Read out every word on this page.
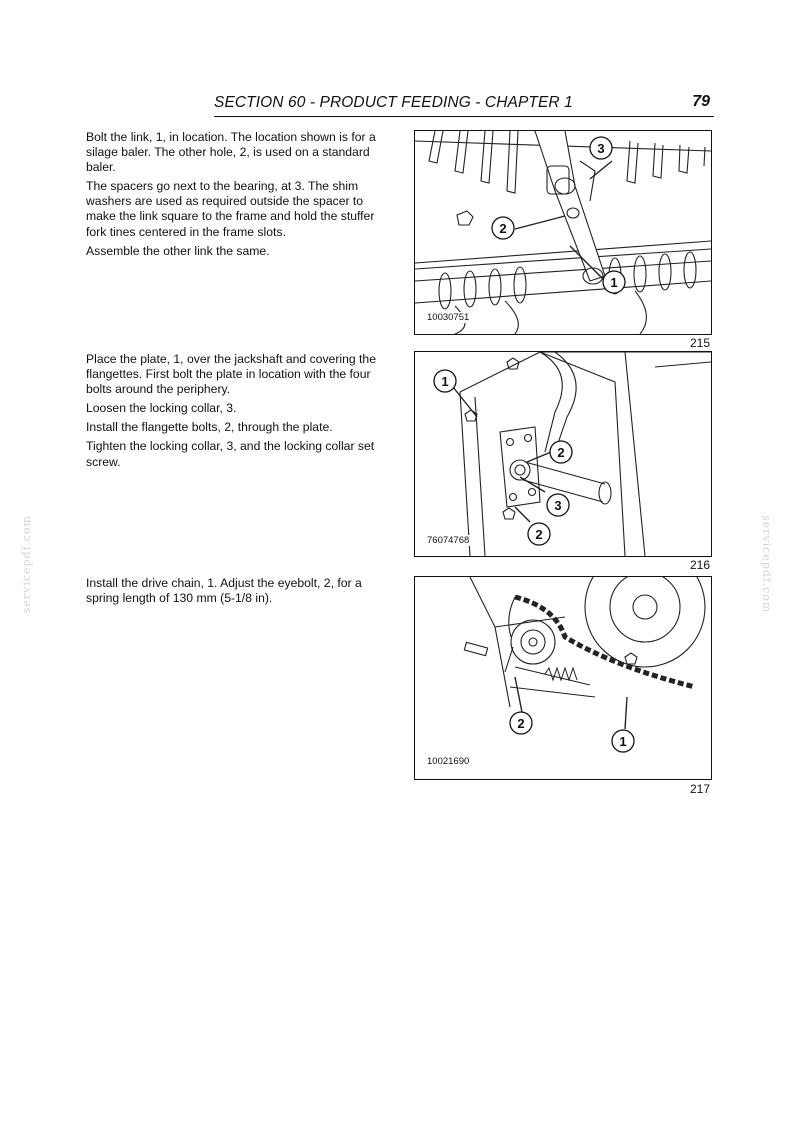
SECTION 60 - PRODUCT FEEDING - CHAPTER 1	79
servicepdf.com	servicepdf.com

Bolt the link, 1, in location. The location shown is for a silage baler. The other hole, 2, is used on a standard baler.

The spacers go next to the bearing, at 3. The shim washers are used as required outside the spacer to make the link square to the frame and hold the stuffer fork tines centered in the frame slots.

Assemble the other link the same.

3
2
1
10030751
215

Place the plate, 1, over the jackshaft and covering the flangettes. First bolt the plate in location with the four bolts around the periphery.

Loosen the locking collar, 3.

Install the flangette bolts, 2, through the plate.

Tighten the locking collar, 3, and the locking collar set screw.

1
2
3
2
76074768
216

Install the drive chain, 1. Adjust the eyebolt, 2, for a spring length of 130 mm (5-1/8 in).

2
1
10021690
217
